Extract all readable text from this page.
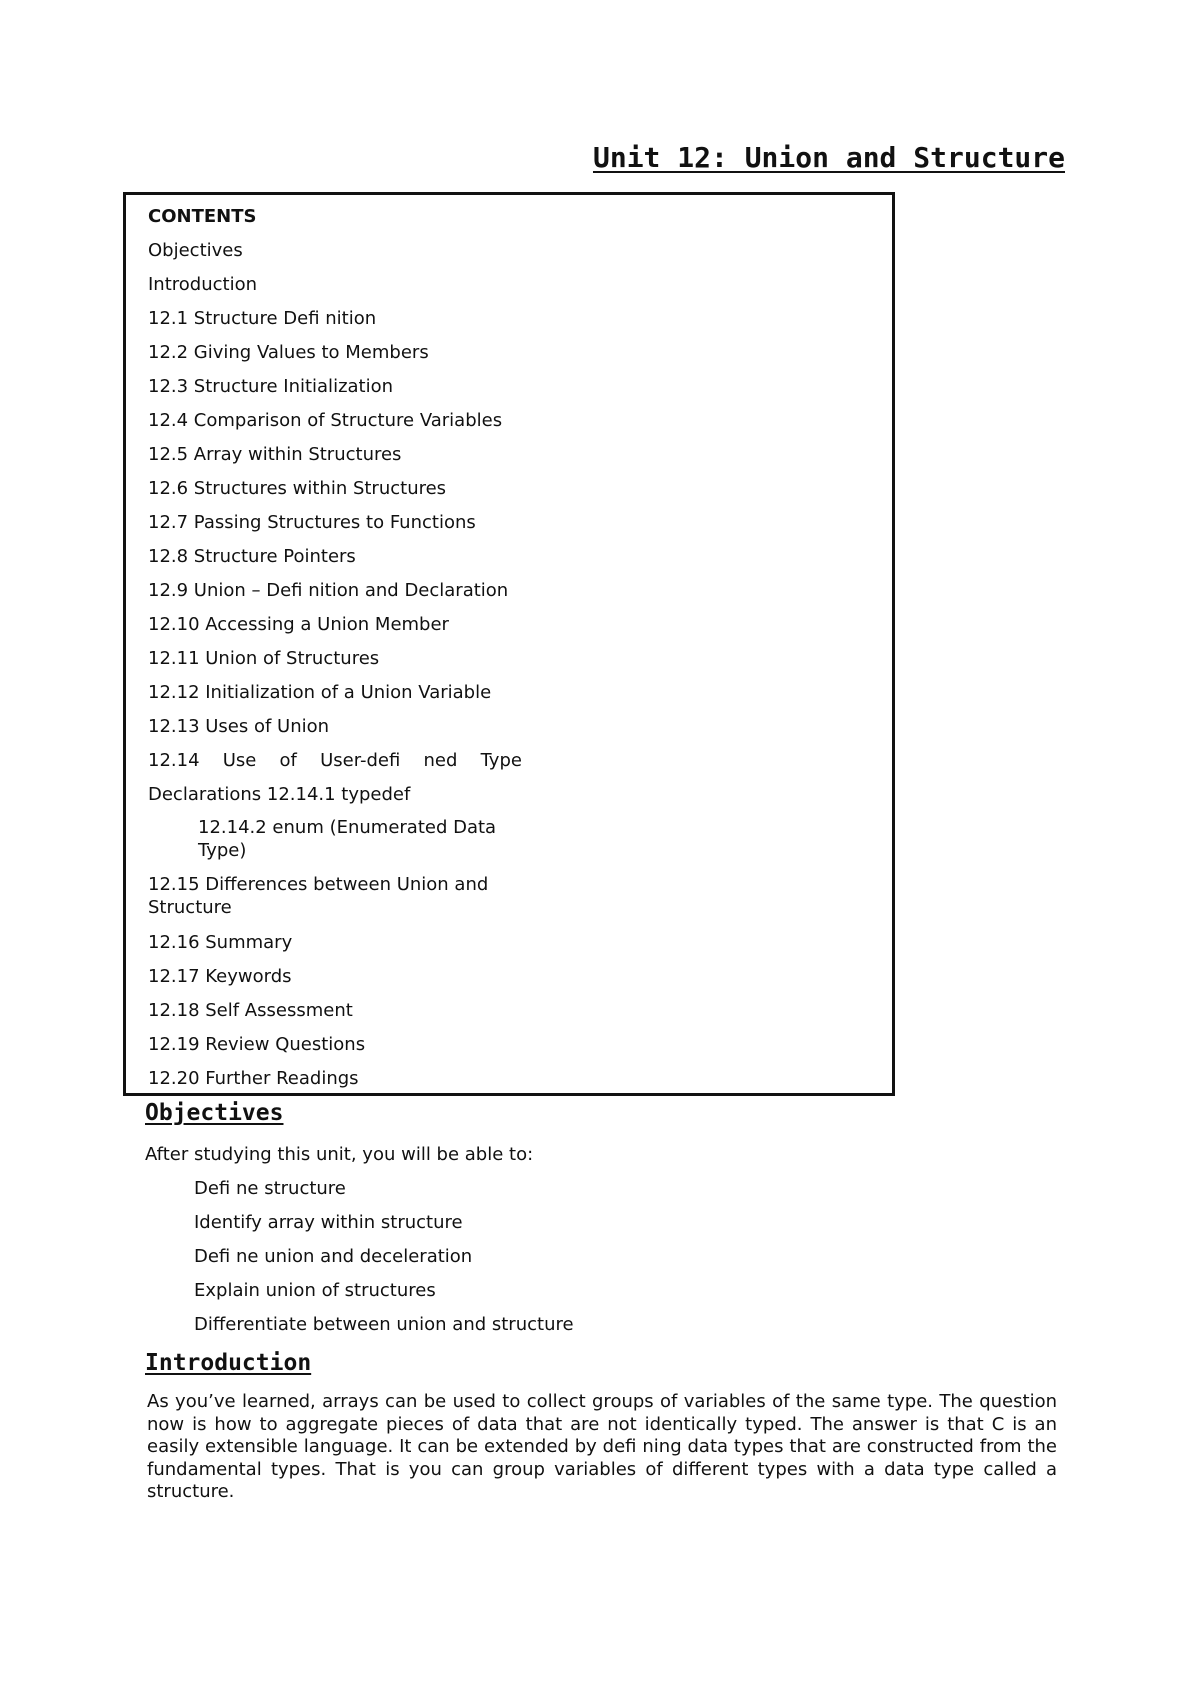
Unit 12: Union and Structure
CONTENTS
Objectives
Introduction
12.1 Structure Defi nition
12.2 Giving Values to Members
12.3 Structure Initialization
12.4 Comparison of Structure Variables
12.5 Array within Structures
12.6 Structures within Structures
12.7 Passing Structures to Functions
12.8 Structure Pointers
12.9 Union – Defi nition and Declaration
12.10 Accessing a Union Member
12.11 Union of Structures
12.12 Initialization of a Union Variable
12.13 Uses of Union
12.14 Use of User-defi ned Type
Declarations 12.14.1 typedef
12.14.2 enum (Enumerated Data Type)
12.15 Differences between Union and Structure
12.16 Summary
12.17 Keywords
12.18 Self Assessment
12.19 Review Questions
12.20 Further Readings
Objectives
After studying this unit, you will be able to:
Defi ne structure
Identify array within structure
Defi ne union and deceleration
Explain union of structures
Differentiate between union and structure
Introduction

As you’ve learned, arrays can be used to collect groups of variables of the same type. The question now is how to aggregate pieces of data that are not identically typed. The answer is that C is an easily extensible language. It can be extended by defi ning data types that are constructed from the fundamental types. That is you can group variables of different types with a data type called a structure.
